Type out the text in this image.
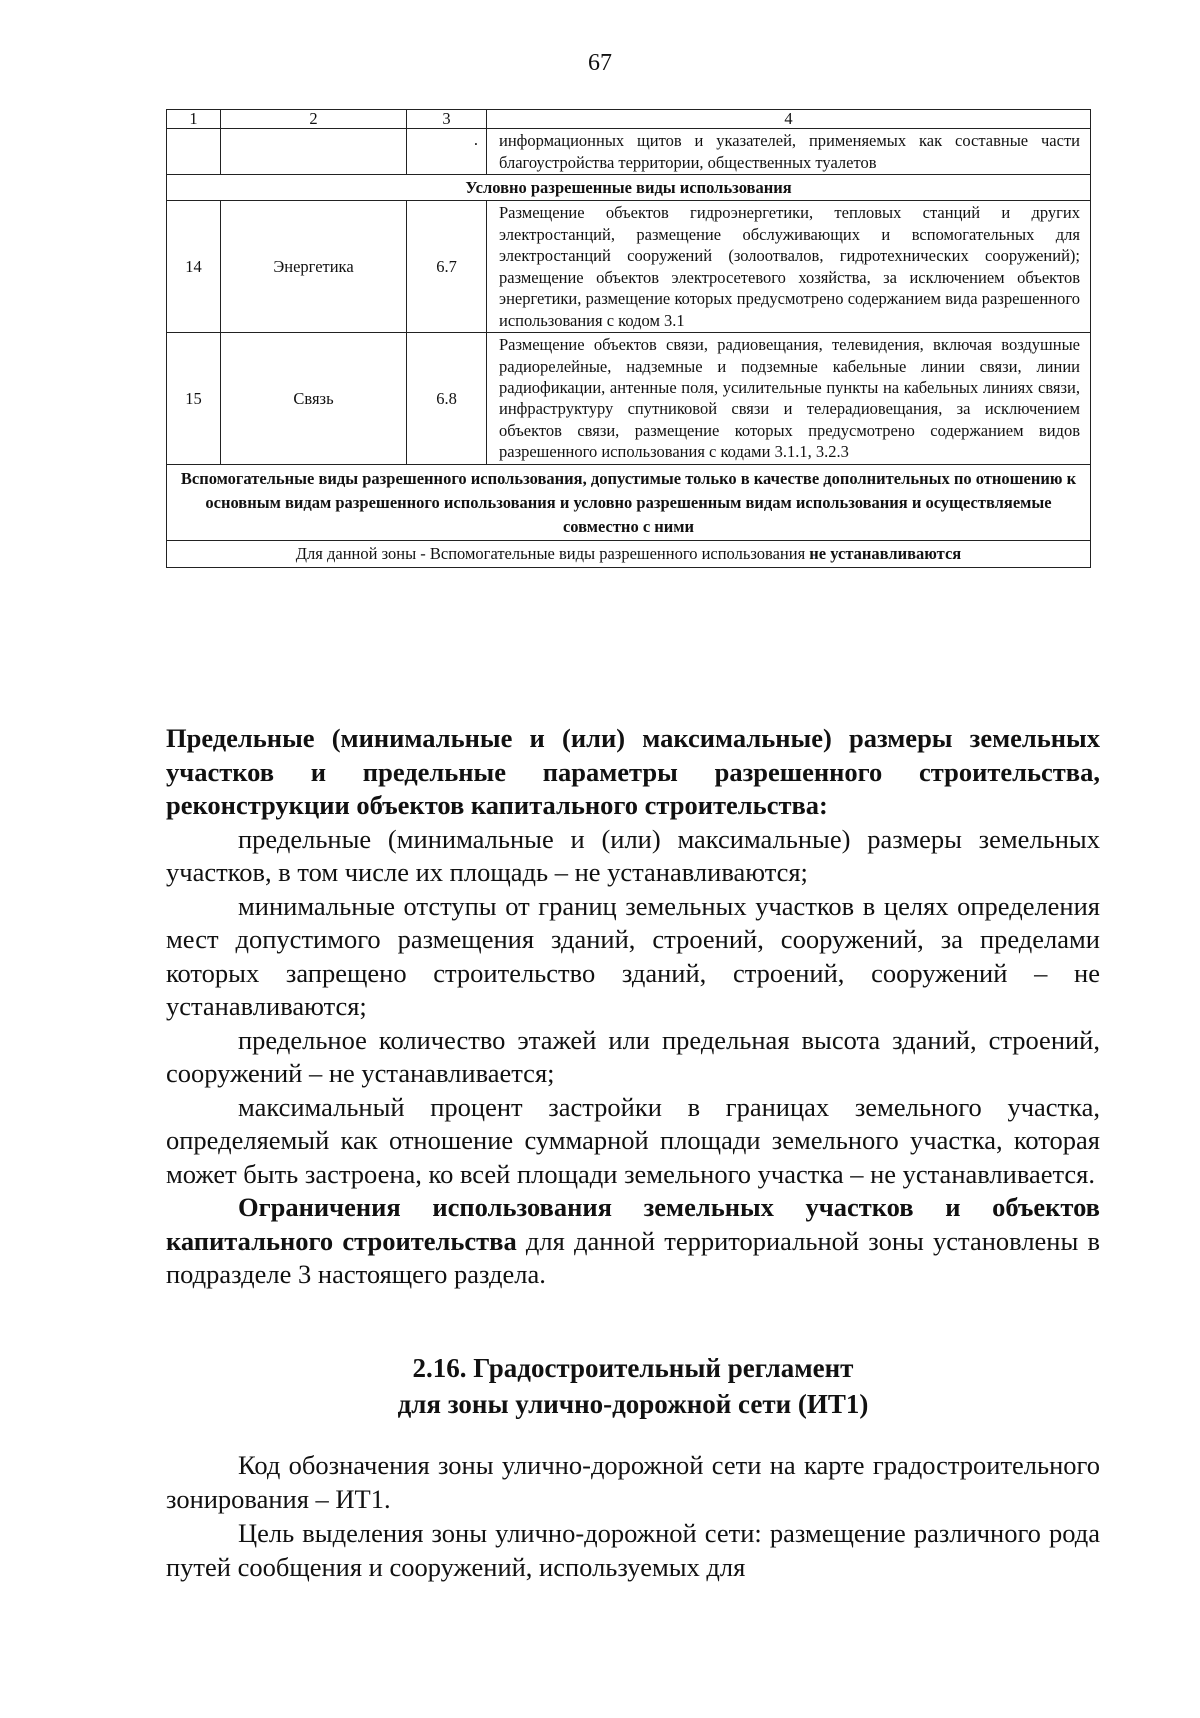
67
1	2	3	4
		.	информационных щитов и указателей, применяемых как составные части благоустройства территории, общественных туалетов
Условно разрешенные виды использования			
14	Энергетика	6.7	Размещение объектов гидроэнергетики, тепловых станций и других электростанций, размещение обслуживающих и вспомогательных для электростанций сооружений (золоотвалов, гидротехнических сооружений); размещение объектов электросетевого хозяйства, за исключением объектов энергетики, размещение которых предусмотрено содержанием вида разрешенного использования с кодом 3.1
15	Связь	6.8	Размещение объектов связи, радиовещания, телевидения, включая воздушные радиорелейные, надземные и подземные кабельные линии связи, линии радиофикации, антенные поля, усилительные пункты на кабельных линиях связи, инфраструктуру спутниковой связи и телерадиовещания, за исключением объектов связи, размещение которых предусмотрено содержанием видов разрешенного использования с кодами 3.1.1, 3.2.3
Вспомогательные виды разрешенного использования, допустимые только в качестве дополнительных по отношению к основным видам разрешенного использования и условно разрешенным видам использования и осуществляемые совместно с ними			
Для данной зоны - Вспомогательные виды разрешенного использования не устанавливаются			

Предельные (минимальные и (или) максимальные) размеры земельных участков и предельные параметры разрешенного строительства, реконструкции объектов капитального строительства:

предельные (минимальные и (или) максимальные) размеры земельных участков, в том числе их площадь – не устанавливаются;

минимальные отступы от границ земельных участков в целях определения мест допустимого размещения зданий, строений, сооружений, за пределами которых запрещено строительство зданий, строений, сооружений – не устанавливаются;

предельное количество этажей или предельная высота зданий, строений, сооружений – не устанавливается;

максимальный процент застройки в границах земельного участка, определяемый как отношение суммарной площади земельного участка, которая может быть застроена, ко всей площади земельного участка – не устанавливается.

Ограничения использования земельных участков и объектов капитального строительства для данной территориальной зоны установлены в подразделе 3 настоящего раздела.

2.16. Градостроительный регламент
для зоны улично-дорожной сети (ИТ1)

Код обозначения зоны улично-дорожной сети на карте градостроительного зонирования – ИТ1.

Цель выделения зоны улично-дорожной сети: размещение различного рода путей сообщения и сооружений, используемых для
